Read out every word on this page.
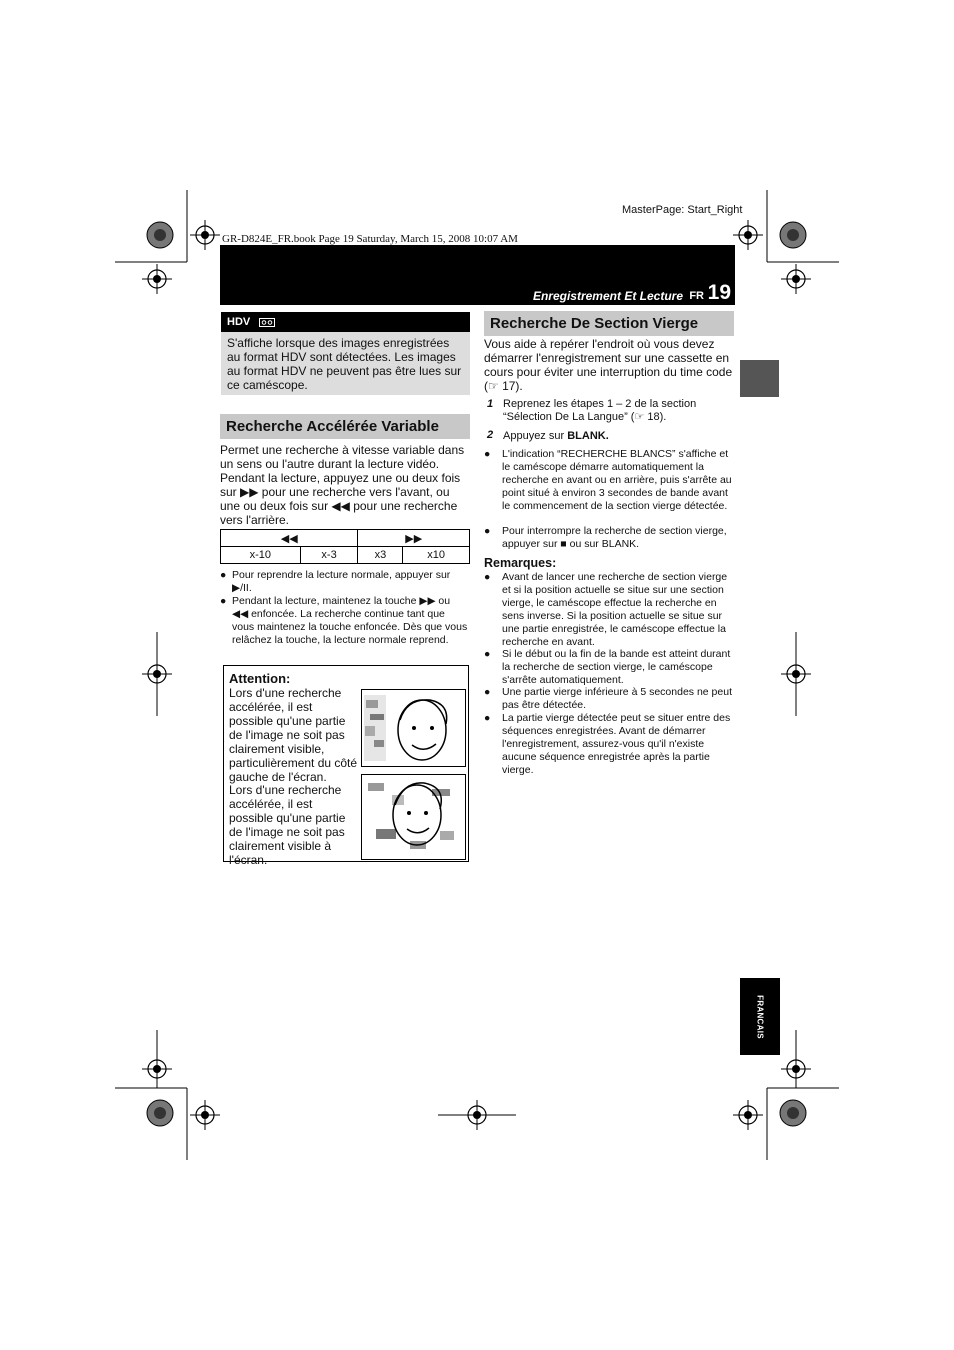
MasterPage: Start_Right
GR-D824E_FR.book Page 19 Saturday, March 15, 2008 10:07 AM
Enregistrement Et Lecture FR 19
FRANCAIS
HDV

S'affiche lorsque des images enregistrées au format HDV sont détectées. Les images au format HDV ne peuvent pas être lues sur ce caméscope.

Recherche Accélérée Variable
Permet une recherche à vitesse variable dans un sens ou l'autre durant la lecture vidéo. Pendant la lecture, appuyez une ou deux fois sur ▶▶ pour une recherche vers l'avant, ou une ou deux fois sur ◀◀ pour une recherche vers l'arrière.
◀◀		▶▶	
x-10	x-3	x3	x10
● Pour reprendre la lecture normale, appuyer sur ▶/II.
● Pendant la lecture, maintenez la touche ▶▶ ou ◀◀ enfoncée. La recherche continue tant que vous maintenez la touche enfoncée. Dès que vous relâchez la touche, la lecture normale reprend.
Attention:
Lors d'une recherche accélérée, il est possible qu'une partie de l'image ne soit pas clairement visible, particulièrement du côté gauche de l'écran.
Lors d'une recherche accélérée, il est possible qu'une partie de l'image ne soit pas clairement visible à l'écran.
Recherche De Section Vierge
Vous aide à repérer l'endroit où vous devez démarrer l'enregistrement sur une cassette en cours pour éviter une interruption du time code (☞ 17).
1 Reprenez les étapes 1 – 2 de la section “Sélection De La Langue” (☞ 18).
2 Appuyez sur BLANK.
● L'indication “RECHERCHE BLANCS” s'affiche et le caméscope démarre automatiquement la recherche en avant ou en arrière, puis s'arrête au point situé à environ 3 secondes de bande avant le commencement de la section vierge détectée.
● Pour interrompre la recherche de section vierge, appuyer sur ■ ou sur BLANK.
Remarques:
● Avant de lancer une recherche de section vierge et si la position actuelle se situe sur une section vierge, le caméscope effectue la recherche en sens inverse. Si la position actuelle se situe sur une partie enregistrée, le caméscope effectue la recherche en avant.
● Si le début ou la fin de la bande est atteint durant la recherche de section vierge, le caméscope s'arrête automatiquement.
● Une partie vierge inférieure à 5 secondes ne peut pas être détectée.
● La partie vierge détectée peut se situer entre des séquences enregistrées. Avant de démarrer l'enregistrement, assurez-vous qu'il n'existe aucune séquence enregistrée après la partie vierge.
